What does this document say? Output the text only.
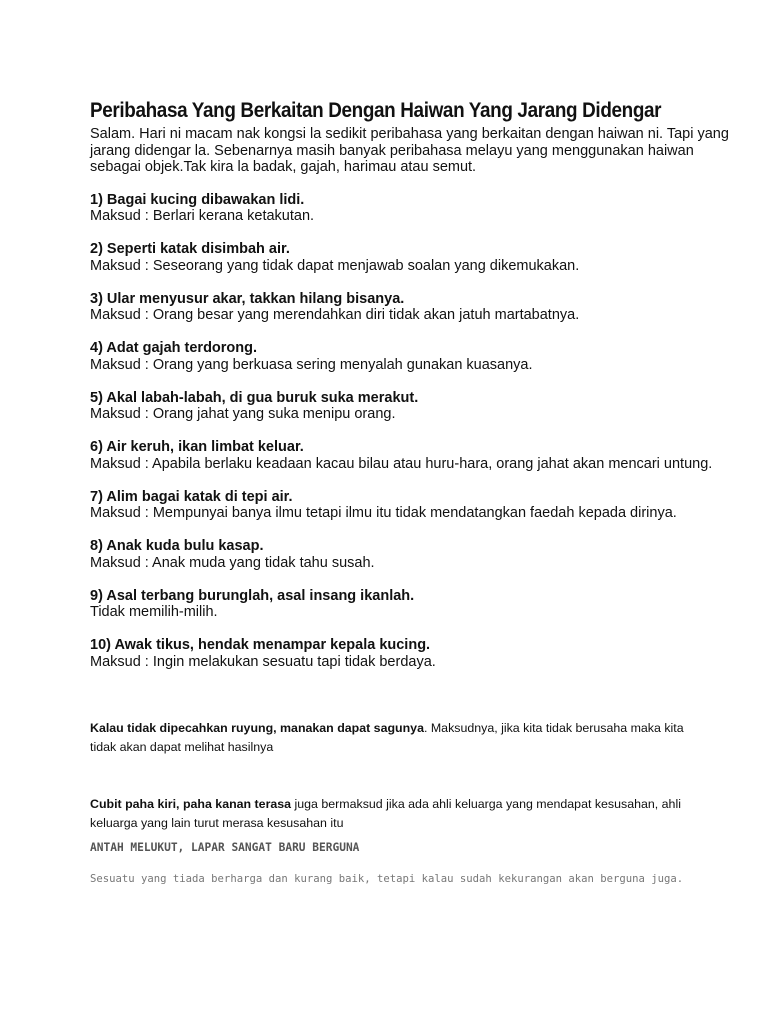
Peribahasa Yang Berkaitan Dengan Haiwan Yang Jarang Didengar

Salam. Hari ni macam nak kongsi la sedikit peribahasa yang berkaitan dengan haiwan ni. Tapi yang jarang didengar la. Sebenarnya masih banyak peribahasa melayu yang menggunakan haiwan sebagai objek.Tak kira la badak, gajah, harimau atau semut.

1) Bagai kucing dibawakan lidi.
Maksud : Berlari kerana ketakutan.
2) Seperti katak disimbah air.
Maksud : Seseorang yang tidak dapat menjawab soalan yang dikemukakan.
3) Ular menyusur akar, takkan hilang bisanya.
Maksud : Orang besar yang merendahkan diri tidak akan jatuh martabatnya.
4) Adat gajah terdorong.
Maksud : Orang yang berkuasa sering menyalah gunakan kuasanya.
5) Akal labah-labah, di gua buruk suka merakut.
Maksud : Orang jahat yang suka menipu orang.
6) Air keruh, ikan limbat keluar.
Maksud : Apabila berlaku keadaan kacau bilau atau huru-hara, orang jahat akan mencari untung.
7) Alim bagai katak di tepi air.
Maksud : Mempunyai banya ilmu tetapi ilmu itu tidak mendatangkan faedah kepada dirinya.
8) Anak kuda bulu kasap.
Maksud : Anak muda yang tidak tahu susah.
9) Asal terbang burunglah, asal insang ikanlah.
Tidak memilih-milih.
10) Awak tikus, hendak menampar kepala kucing.
Maksud : Ingin melakukan sesuatu tapi tidak berdaya.

Kalau tidak dipecahkan ruyung, manakan dapat sagunya. Maksudnya, jika kita tidak berusaha maka kita tidak akan dapat melihat hasilnya

Cubit paha kiri, paha kanan terasa juga bermaksud jika ada ahli keluarga yang mendapat kesusahan, ahli keluarga yang lain turut merasa kesusahan itu

ANTAH MELUKUT, LAPAR SANGAT BARU BERGUNA

Sesuatu yang tiada berharga dan kurang baik, tetapi kalau sudah kekurangan akan berguna juga.
